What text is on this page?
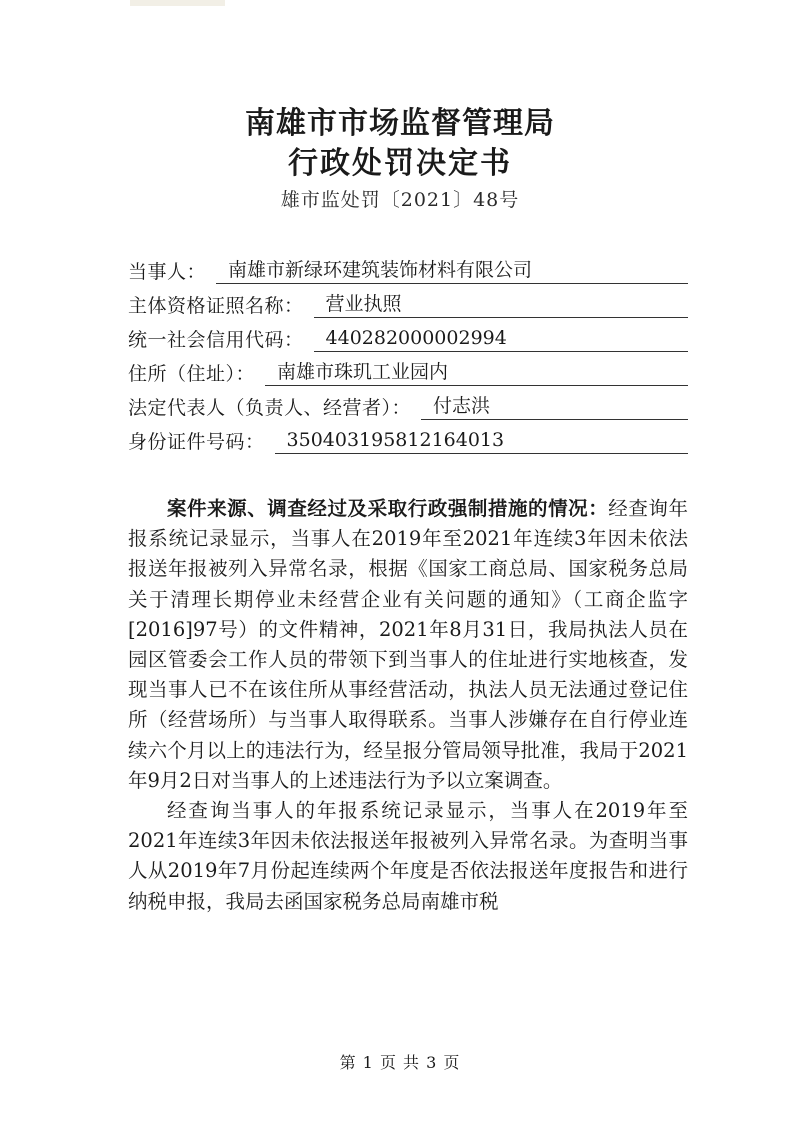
南雄市市场监督管理局
行政处罚决定书
雄市监处罚〔2021〕48号
当事人：	南雄市新绿环建筑装饰材料有限公司
主体资格证照名称：	营业执照
统一社会信用代码：	440282000002994
住所（住址）：	南雄市珠玑工业园内
法定代表人（负责人、经营者）：	付志洪
身份证件号码：	350403195812164013

案件来源、调查经过及采取行政强制措施的情况：经查询年报系统记录显示，当事人在2019年至2021年连续3年因未依法报送年报被列入异常名录，根据《国家工商总局、国家税务总局关于清理长期停业未经营企业有关问题的通知》（工商企监字[2016]97号）的文件精神，2021年8月31日，我局执法人员在园区管委会工作人员的带领下到当事人的住址进行实地核查，发现当事人已不在该住所从事经营活动，执法人员无法通过登记住所（经营场所）与当事人取得联系。当事人涉嫌存在自行停业连续六个月以上的违法行为，经呈报分管局领导批准，我局于2021年9月2日对当事人的上述违法行为予以立案调查。

经查询当事人的年报系统记录显示，当事人在2019年至2021年连续3年因未依法报送年报被列入异常名录。为查明当事人从2019年7月份起连续两个年度是否依法报送年度报告和进行纳税申报，我局去函国家税务总局南雄市税

第 1 页 共 3 页
